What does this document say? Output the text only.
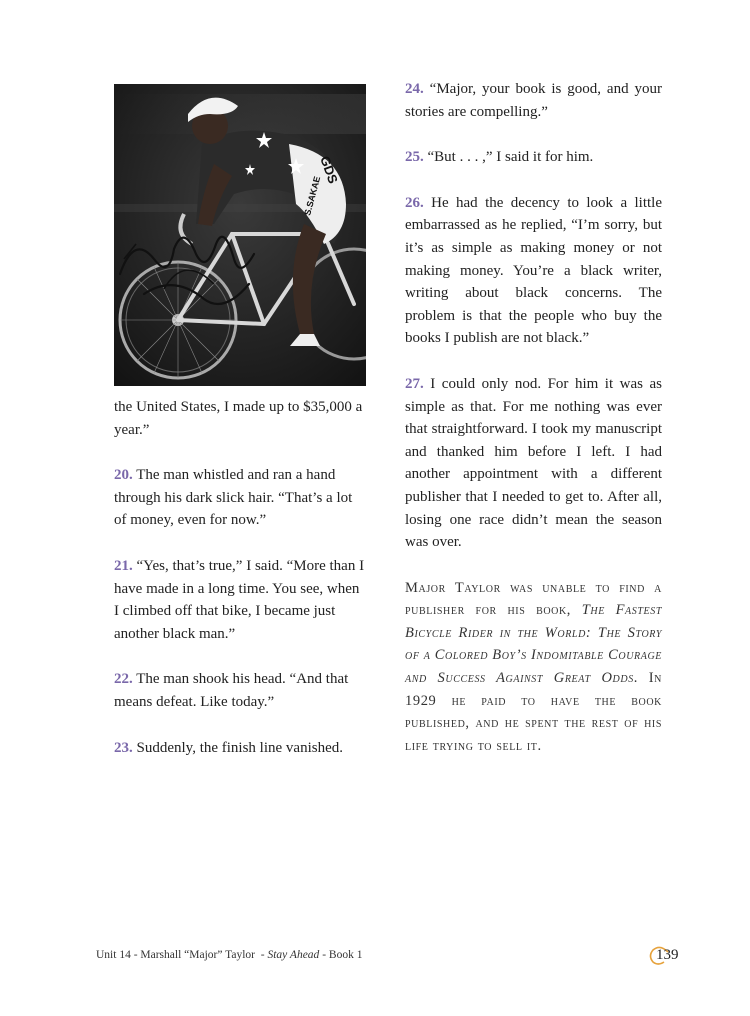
GDS
S.SAKAE

the United States, I made up to $35,000 a year.”

20. The man whistled and ran a hand through his dark slick hair. “That’s a lot of money, even for now.”

21. “Yes, that’s true,” I said. “More than I have made in a long time. You see, when I climbed off that bike, I became just another black man.”

22. The man shook his head. “And that means defeat. Like today.”

23. Suddenly, the finish line vanished.

24. “Major, your book is good, and your stories are compelling.”

25. “But . . . ,” I said it for him.

26. He had the decency to look a little embarrassed as he replied, “I’m sorry, but it’s as simple as making money or not making money. You’re a black writer, writing about black concerns. The problem is that the people who buy the books I publish are not black.”

27. I could only nod. For him it was as simple as that. For me nothing was ever that straightforward. I took my manuscript and thanked him before I left. I had another appointment with a different publisher that I needed to get to. After all, losing one race didn’t mean the season was over.

Major Taylor was unable to find a publisher for his book, The Fastest Bicycle Rider in the World: The Story of a Colored Boy’s Indomitable Courage and Success Against Great Odds. In 1929 he paid to have the book published, and he spent the rest of his life trying to sell it.

Unit 14 - Marshall “Major” Taylor  - Stay Ahead - Book 1	139
